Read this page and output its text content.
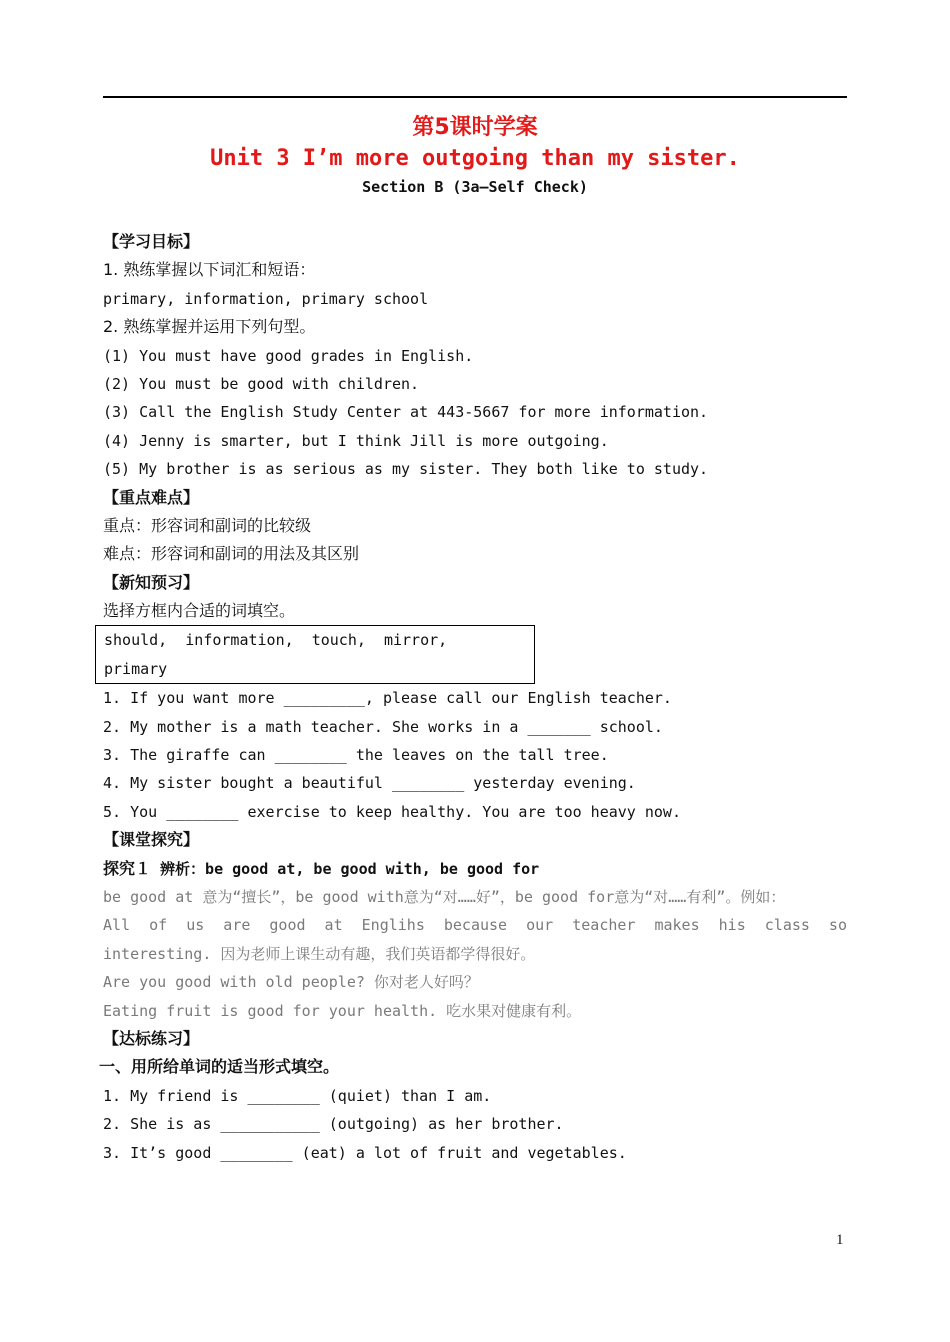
第5课时学案
Unit 3 I’m more outgoing than my sister.
Section B (3a—Self Check)
【学习目标】
1. 熟练掌握以下词汇和短语：
primary, information, primary school
2. 熟练掌握并运用下列句型。
(1) You must have good grades in English.
(2) You must be good with children.
(3) Call the English Study Center at 443-5667 for more information.
(4) Jenny is smarter, but I think Jill is more outgoing.
(5) My brother is as serious as my sister. They both like to study.
【重点难点】
重点：形容词和副词的比较级
难点：形容词和副词的用法及其区别
【新知预习】
选择方框内合适的词填空。
should,  information,  touch,  mirror,
primary
1. If you want more _________, please call our English teacher.
2. My mother is a math teacher. She works in a _______ school.
3. The giraffe can ________ the leaves on the tall tree.
4. My sister bought a beautiful ________ yesterday evening.
5. You ________ exercise to keep healthy. You are too heavy now.
【课堂探究】
探究１ 辨析：be good at, be good with, be good for
be good at 意为“擅长”，be good with意为“对……好”，be good for意为“对……有利”。例如：
All of us are good at Englihs because our teacher makes his class so
interesting. 因为老师上课生动有趣，我们英语都学得很好。
Are you good with old people? 你对老人好吗？
Eating fruit is good for your health. 吃水果对健康有利。
【达标练习】
一、用所给单词的适当形式填空。
1. My friend is ________ (quiet) than I am.
2. She is as ___________ (outgoing) as her brother.
3. It’s good ________ (eat) a lot of fruit and vegetables.
1
